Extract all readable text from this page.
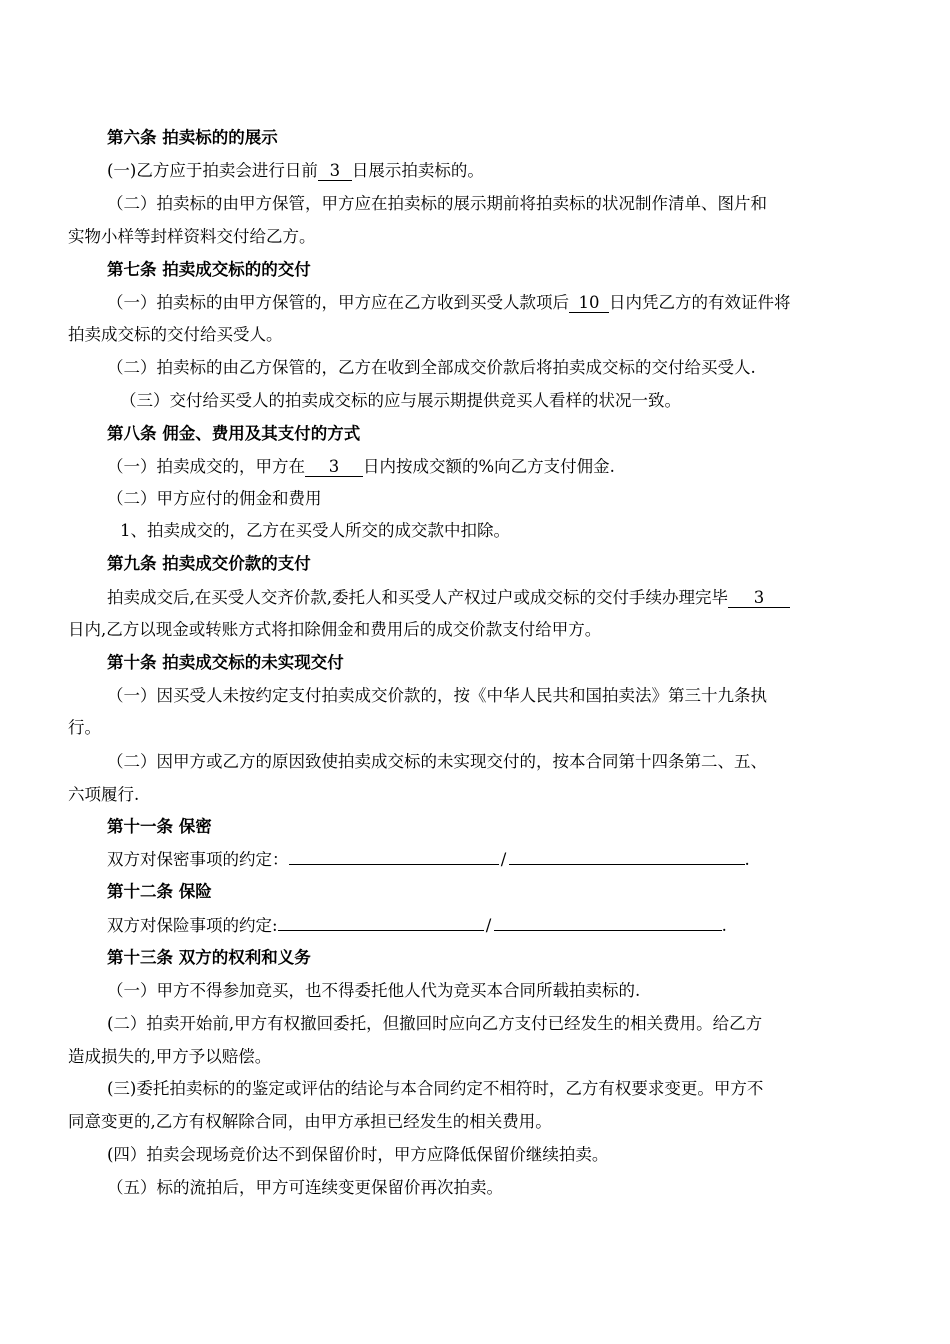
第六条 拍卖标的的展示
(一)乙方应于拍卖会进行日前 3 日展示拍卖标的。
（二）拍卖标的由甲方保管，甲方应在拍卖标的展示期前将拍卖标的状况制作清单、图片和
实物小样等封样资料交付给乙方。
第七条 拍卖成交标的的交付
（一）拍卖标的由甲方保管的，甲方应在乙方收到买受人款项后 10 日内凭乙方的有效证件将
拍卖成交标的交付给买受人。
（二）拍卖标的由乙方保管的，乙方在收到全部成交价款后将拍卖成交标的交付给买受人.
（三）交付给买受人的拍卖成交标的应与展示期提供竞买人看样的状况一致。
第八条 佣金、费用及其支付的方式
（一）拍卖成交的，甲方在 3 日内按成交额的%向乙方支付佣金.
（二）甲方应付的佣金和费用
1、拍卖成交的，乙方在买受人所交的成交款中扣除。
第九条 拍卖成交价款的支付
拍卖成交后,在买受人交齐价款,委托人和买受人产权过户或成交标的交付手续办理完毕 3
日内,乙方以现金或转账方式将扣除佣金和费用后的成交价款支付给甲方。
第十条 拍卖成交标的未实现交付
（一）因买受人未按约定支付拍卖成交价款的，按《中华人民共和国拍卖法》第三十九条执
行。
（二）因甲方或乙方的原因致使拍卖成交标的未实现交付的，按本合同第十四条第二、五、
六项履行.
第十一条 保密
双方对保密事项的约定：	/	.
第十二条 保险
双方对保险事项的约定:	/	.
第十三条 双方的权利和义务
（一）甲方不得参加竞买，也不得委托他人代为竞买本合同所载拍卖标的.
(二）拍卖开始前,甲方有权撤回委托，但撤回时应向乙方支付已经发生的相关费用。给乙方
造成损失的,甲方予以赔偿。
(三)委托拍卖标的的鉴定或评估的结论与本合同约定不相符时，乙方有权要求变更。甲方不
同意变更的,乙方有权解除合同，由甲方承担已经发生的相关费用。
(四）拍卖会现场竞价达不到保留价时，甲方应降低保留价继续拍卖。
（五）标的流拍后，甲方可连续变更保留价再次拍卖。
